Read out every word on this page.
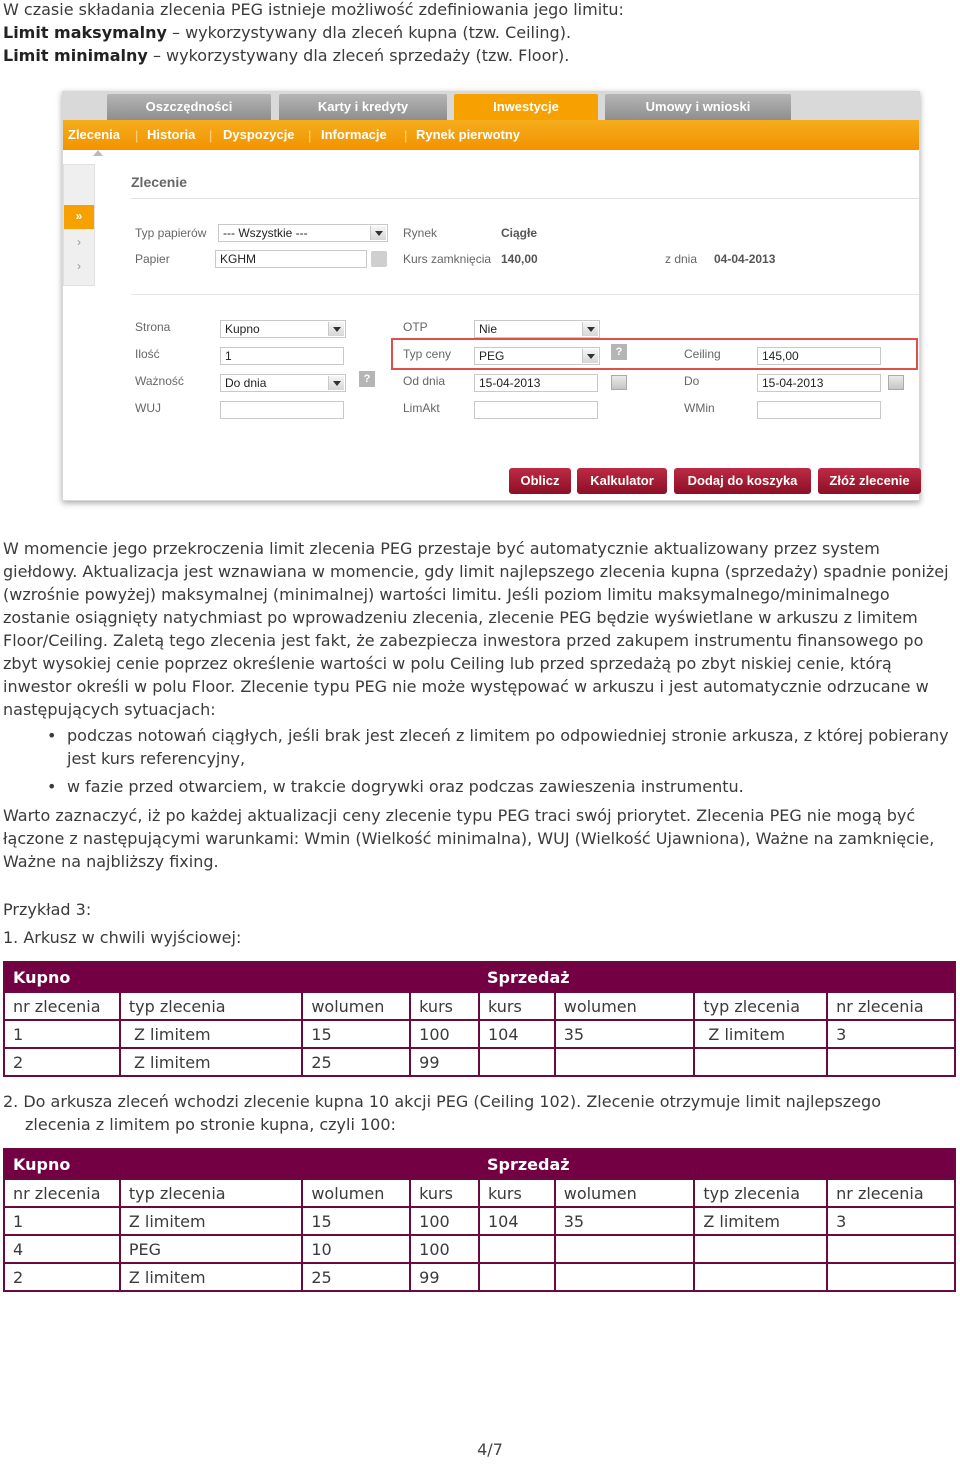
W czasie składania zlecenia PEG istnieje możliwość zdefiniowania jego limitu:

Limit maksymalny – wykorzystywany dla zleceń kupna (tzw. Ceiling).

Limit minimalny – wykorzystywany dla zleceń sprzedaży (tzw. Floor).

Oszczędności	Karty i kredyty	Inwestycje	Umowy i wnioski
Zlecenia | Historia | Dyspozycje | Informacje | Rynek pierwotny
»
›
›
Zlecenie
Typ papierów	--- Wszystkie ---
Papier	KGHM
Rynek	Ciągłe
Kurs zamknięcia 140,00	z dnia 04-04-2013
Strona	Kupno
Ilość	1
Ważność	Do dnia	?
WUJ
OTP	Nie
Typ ceny	PEG	?
Od dnia	15-04-2013
LimAkt
Ceiling	145,00
Do	15-04-2013
WMin
Oblicz	Kalkulator	Dodaj do koszyka	Złóż zlecenie

W momencie jego przekroczenia limit zlecenia PEG przestaje być automatycznie aktualizowany przez system giełdowy. Aktualizacja jest wznawiana w momencie, gdy limit najlepszego zlecenia kupna (sprzedaży) spadnie poniżej (wzrośnie powyżej) maksymalnej (minimalnej) wartości limitu. Jeśli poziom limitu maksymalnego/minimalnego zostanie osiągnięty natychmiast po wprowadzeniu zlecenia, zlecenie PEG będzie wyświetlane w arkuszu z limitem Floor/Ceiling. Zaletą tego zlecenia jest fakt, że zabezpiecza inwestora przed zakupem instrumentu finansowego po zbyt wysokiej cenie poprzez określenie wartości w polu Ceiling lub przed sprzedażą po zbyt niskiej cenie, którą inwestor określi w polu Floor. Zlecenie typu PEG nie może występować w arkuszu i jest automatycznie odrzucane w następujących sytuacjach:

• podczas notowań ciągłych, jeśli brak jest zleceń z limitem po odpowiedniej stronie arkusza, z której pobierany jest kurs referencyjny,
• w fazie przed otwarciem, w trakcie dogrywki oraz podczas zawieszenia instrumentu.

Warto zaznaczyć, iż po każdej aktualizacji ceny zlecenie typu PEG traci swój priorytet. Zlecenia PEG nie mogą być łączone z następującymi warunkami: Wmin (Wielkość minimalna), WUJ (Wielkość Ujawniona), Ważne na zamknięcie, Ważne na najbliższy fixing.

Przykład 3:
1. Arkusz w chwili wyjściowej:
Kupno				Sprzedaż			
nr zlecenia	typ zlecenia	wolumen	kurs	kurs	wolumen	typ zlecenia	nr zlecenia
1	Z limitem	15	100	104	35	Z limitem	3
2	Z limitem	25	99				
2. Do arkusza zleceń wchodzi zlecenie kupna 10 akcji PEG (Ceiling 102). Zlecenie otrzymuje limit najlepszego zlecenia z limitem po stronie kupna, czyli 100:
Kupno				Sprzedaż			
nr zlecenia	typ zlecenia	wolumen	kurs	kurs	wolumen	typ zlecenia	nr zlecenia
1	Z limitem	15	100	104	35	Z limitem	3
4	PEG	10	100				
2	Z limitem	25	99				
4/7
